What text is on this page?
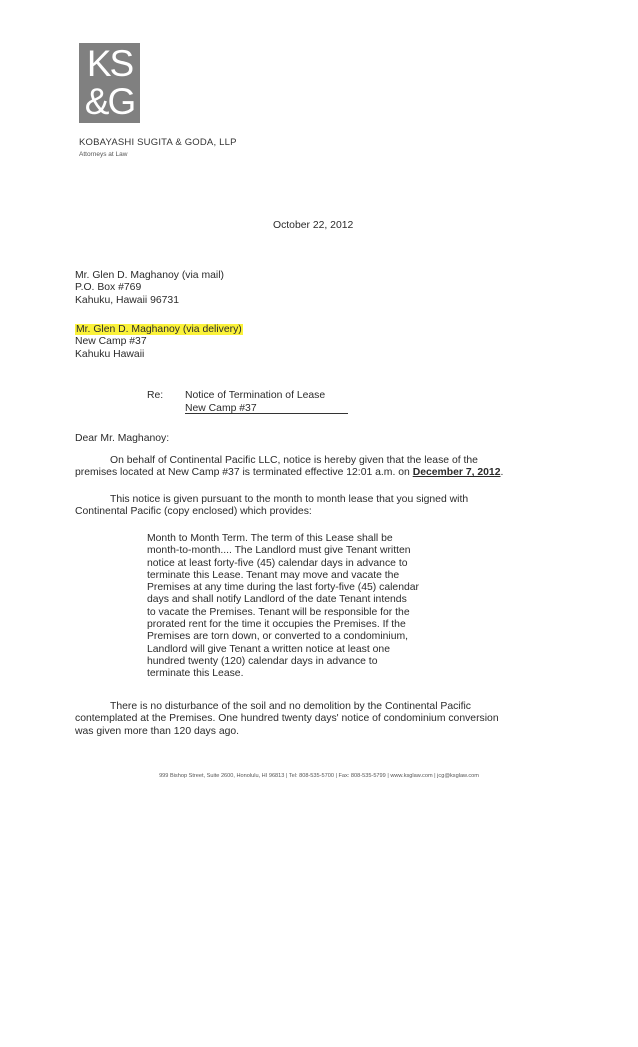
KS
&G
KOBAYASHI SUGITA & GODA, LLP
Attorneys at Law
October 22, 2012
Mr. Glen D. Maghanoy (via mail)
P.O. Box #769
Kahuku, Hawaii 96731
Mr. Glen D. Maghanoy (via delivery)
New Camp #37
Kahuku Hawaii
Re: Notice of Termination of Lease
New Camp #37
Dear Mr. Maghanoy:
On behalf of Continental Pacific LLC, notice is hereby given that the lease of the
premises located at New Camp #37 is terminated effective 12:01 a.m. on December 7, 2012.
This notice is given pursuant to the month to month lease that you signed with
Continental Pacific (copy enclosed) which provides:
Month to Month Term. The term of this Lease shall be
month-to-month.... The Landlord must give Tenant written
notice at least forty-five (45) calendar days in advance to
terminate this Lease. Tenant may move and vacate the
Premises at any time during the last forty-five (45) calendar
days and shall notify Landlord of the date Tenant intends
to vacate the Premises. Tenant will be responsible for the
prorated rent for the time it occupies the Premises. If the
Premises are torn down, or converted to a condominium,
Landlord will give Tenant a written notice at least one
hundred twenty (120) calendar days in advance to
terminate this Lease.
There is no disturbance of the soil and no demolition by the Continental Pacific
contemplated at the Premises. One hundred twenty days' notice of condominium conversion
was given more than 120 days ago.
999 Bishop Street, Suite 2600, Honolulu, HI 96813 | Tel: 808-535-5700 | Fax: 808-535-5799 | www.ksglaw.com | jcg@ksglaw.com
